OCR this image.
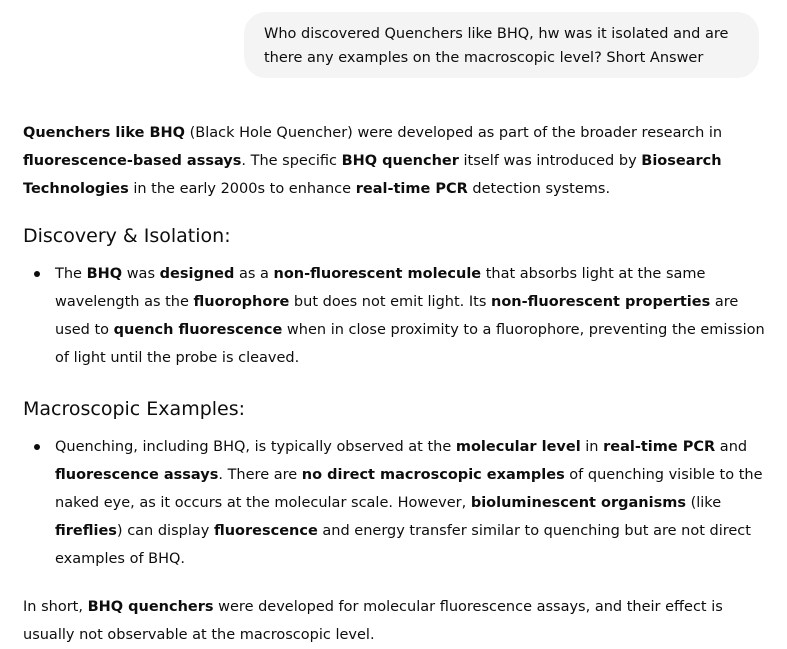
Who discovered Quenchers like BHQ, hw was it isolated and are there any examples on the macroscopic level? Short Answer

Quenchers like BHQ (Black Hole Quencher) were developed as part of the broader research in fluorescence-based assays. The specific BHQ quencher itself was introduced by Biosearch Technologies in the early 2000s to enhance real-time PCR detection systems.

Discovery & Isolation:
The BHQ was designed as a non-fluorescent molecule that absorbs light at the same wavelength as the fluorophore but does not emit light. Its non-fluorescent properties are used to quench fluorescence when in close proximity to a fluorophore, preventing the emission of light until the probe is cleaved.
Macroscopic Examples:
Quenching, including BHQ, is typically observed at the molecular level in real-time PCR and fluorescence assays. There are no direct macroscopic examples of quenching visible to the naked eye, as it occurs at the molecular scale. However, bioluminescent organisms (like fireflies) can display fluorescence and energy transfer similar to quenching but are not direct examples of BHQ.

In short, BHQ quenchers were developed for molecular fluorescence assays, and their effect is usually not observable at the macroscopic level.
